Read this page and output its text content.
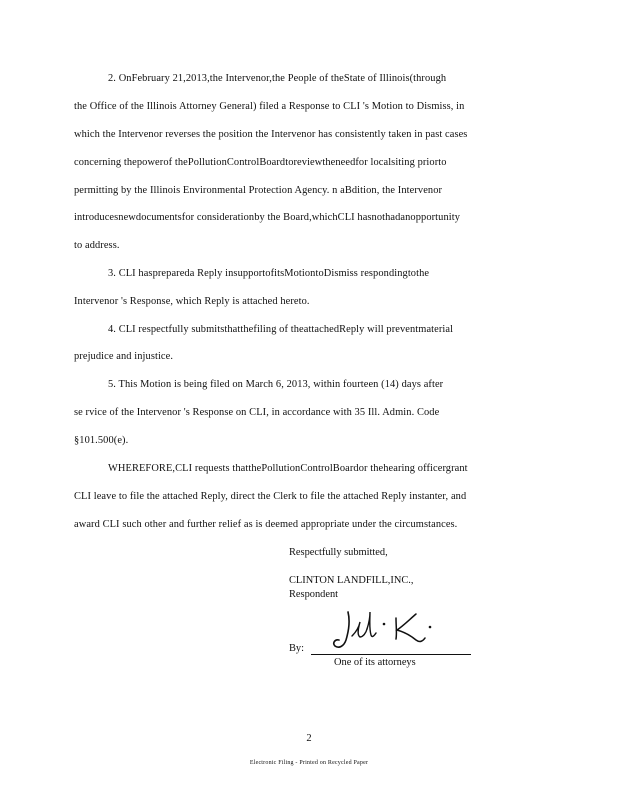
2. OnFebruary 21,2013,the Intervenor,the People of theState of Illinois(through
the Office of the Illinois Attorney General) filed a Response to CLI 's Motion to Dismiss, in
which the Intervenor reverses the position the Intervenor has consistently taken in past cases
concerning thepowerof thePollutionControlBoardtoreviewtheneedfor localsiting priorto
permitting by the Illinois Environmental Protection Agency. n aBdition, the Intervenor
introducesnewdocumentsfor considerationby the Board,whichCLI hasnothadanopportunity
to address.
3. CLI hasprepareda Reply insupportofitsMotiontoDismiss respondingtothe
Intervenor 's Response, which Reply is attached hereto.
4. CLI respectfully submitsthatthefiling of theattachedReply will preventmaterial
prejudice and injustice.
5. This Motion is being filed on March 6, 2013, within fourteen (14) days after
se rvice of the Intervenor 's Response on CLI, in accordance with 35 Ill. Admin. Code
§101.500(e).
WHEREFORE,CLI requests thatthePollutionControlBoardor thehearing officergrant
CLI leave to file the attached Reply, direct the Clerk to file the attached Reply instanter, and
award CLI such other and further relief as is deemed appropriate under the circumstances.
Respectfully submitted,
CLINTON LANDFILL,INC.,
Respondent
By:
One of its attorneys
2
Electronic Filing - Printed on Recycled Paper
